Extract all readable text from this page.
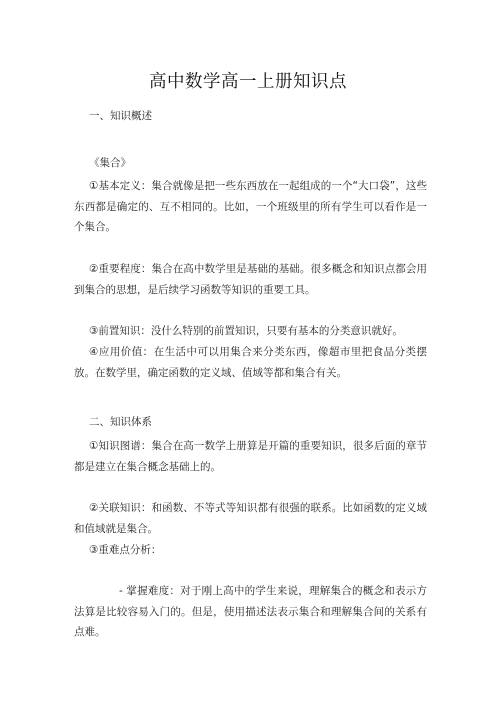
高中数学高一上册知识点
一、知识概述
《集合》
①基本定义：集合就像是把一些东西放在一起组成的一个“大口袋”，这些东西都是确定的、互不相同的。比如，一个班级里的所有学生可以看作是一个集合。
②重要程度：集合在高中数学里是基础的基础。很多概念和知识点都会用到集合的思想，是后续学习函数等知识的重要工具。
③前置知识：没什么特别的前置知识，只要有基本的分类意识就好。
④应用价值：在生活中可以用集合来分类东西，像超市里把食品分类摆放。在数学里，确定函数的定义域、值域等都和集合有关。
二、知识体系
①知识图谱：集合在高一数学上册算是开篇的重要知识，很多后面的章节都是建立在集合概念基础上的。
②关联知识：和函数、不等式等知识都有很强的联系。比如函数的定义域和值域就是集合。
③重难点分析：
- 掌握难度：对于刚上高中的学生来说，理解集合的概念和表示方法算是比较容易入门的。但是，使用描述法表示集合和理解集合间的关系有点难。
